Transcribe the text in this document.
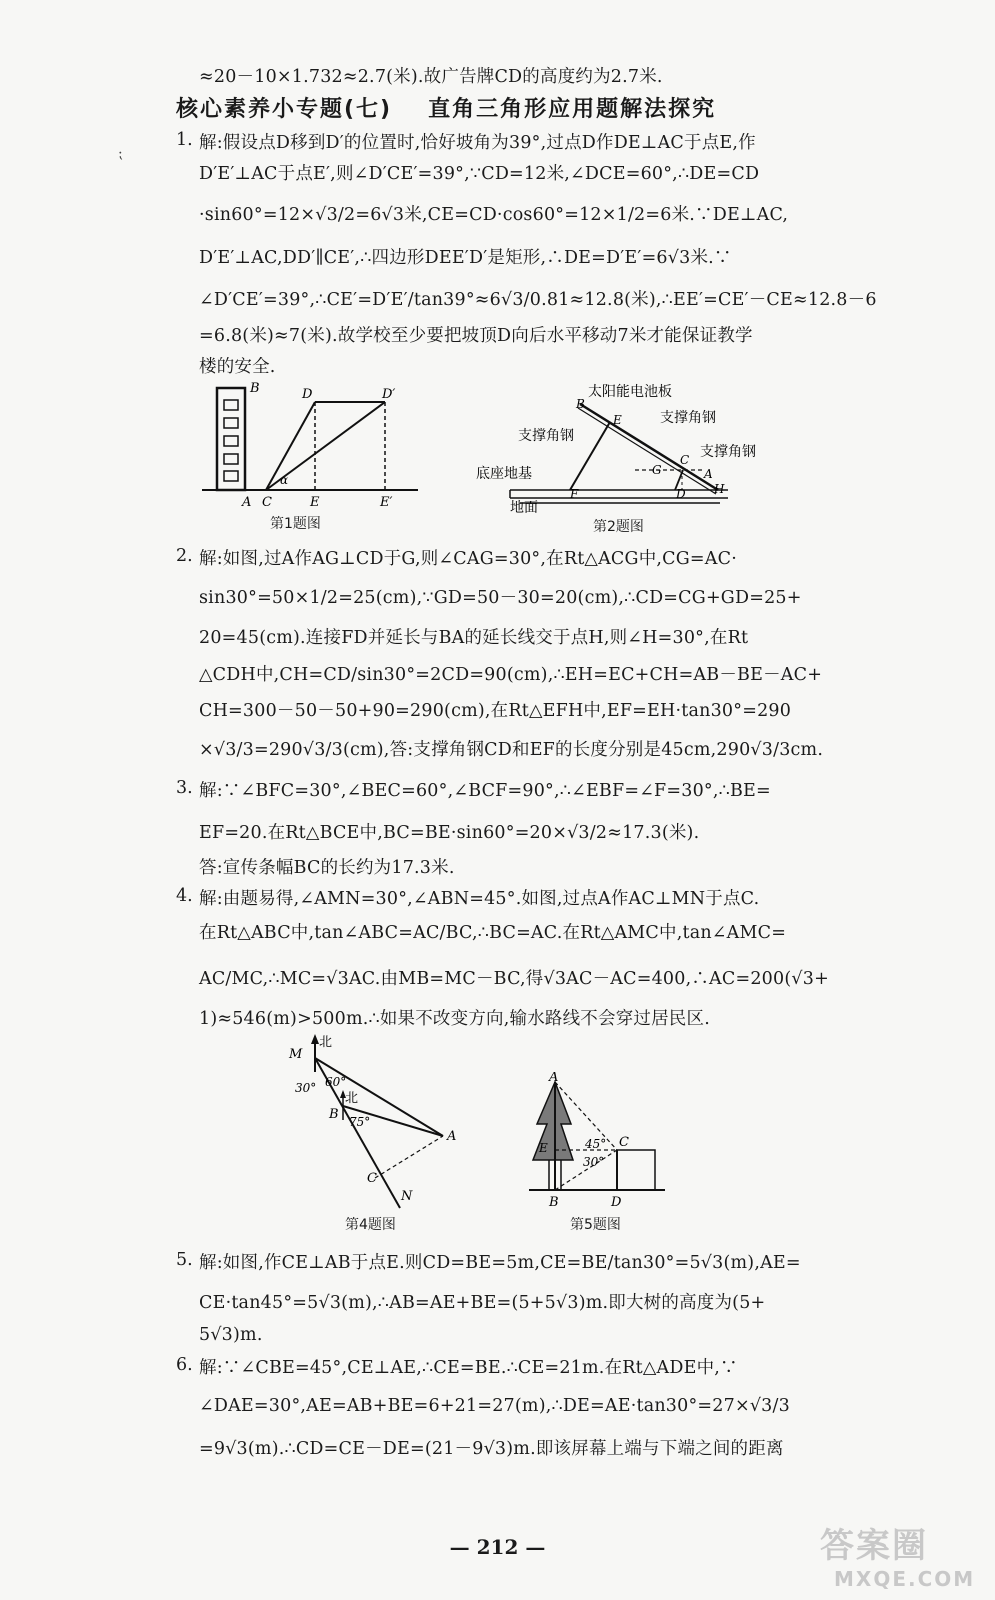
≈20－10×1.732≈2.7(米).故广告牌CD的高度约为2.7米.
核心素养小专题(七) 直角三角形应用题解法探究
⁏
1. 解:假设点D移到D′的位置时,恰好坡角为39°,过点D作DE⊥AC于点E,作
D′E′⊥AC于点E′,则∠D′CE′=39°,∵CD=12米,∠DCE=60°,∴DE=CD
·sin60°=12×√3/2=6√3米,CE=CD·cos60°=12×1/2=6米.∵DE⊥AC,
D′E′⊥AC,DD′∥CE′,∴四边形DEE′D′是矩形,∴DE=D′E′=6√3米.∵
∠D′CE′=39°,∴CE′=D′E′/tan39°≈6√3/0.81≈12.8(米),∴EE′=CE′－CE≈12.8－6
=6.8(米)≈7(米).故学校至少要把坡顶D向后水平移动7米才能保证教学
楼的安全.
B
A C
α
D
E
D′
E′
第1题图
太阳能电池板
B
E	支撑角钢
支撑角钢
支撑角钢
C
G	A
H
底座地基
F	D
地面
第2题图
2. 解:如图,过A作AG⊥CD于G,则∠CAG=30°,在Rt△ACG中,CG=AC·
sin30°=50×1/2=25(cm),∵GD=50－30=20(cm),∴CD=CG+GD=25+
20=45(cm).连接FD并延长与BA的延长线交于点H,则∠H=30°,在Rt
△CDH中,CH=CD/sin30°=2CD=90(cm),∴EH=EC+CH=AB－BE－AC+
CH=300－50－50+90=290(cm),在Rt△EFH中,EF=EH·tan30°=290
×√3/3=290√3/3(cm),答:支撑角钢CD和EF的长度分别是45cm,290√3/3cm.
3. 解:∵∠BFC=30°,∠BEC=60°,∠BCF=90°,∴∠EBF=∠F=30°,∴BE=
EF=20.在Rt△BCE中,BC=BE·sin60°=20×√3/2≈17.3(米).
答:宣传条幅BC的长约为17.3米.
4. 解:由题易得,∠AMN=30°,∠ABN=45°.如图,过点A作AC⊥MN于点C.
在Rt△ABC中,tan∠ABC=AC/BC,∴BC=AC.在Rt△AMC中,tan∠AMC=
AC/MC,∴MC=√3AC.由MB=MC－BC,得√3AC－AC=400,∴AC=200(√3+
1)≈546(m)>500m.∴如果不改变方向,输水路线不会穿过居民区.
北
M
30° 60°
北
B 75°
A
C
N
第4题图
A
E	45°
30°
C
B	D
第5题图
5. 解:如图,作CE⊥AB于点E.则CD=BE=5m,CE=BE/tan30°=5√3(m),AE=
CE·tan45°=5√3(m),∴AB=AE+BE=(5+5√3)m.即大树的高度为(5+
5√3)m.
6. 解:∵∠CBE=45°,CE⊥AE,∴CE=BE.∴CE=21m.在Rt△ADE中,∵
∠DAE=30°,AE=AB+BE=6+21=27(m),∴DE=AE·tan30°=27×√3/3
=9√3(m).∴CD=CE－DE=(21－9√3)m.即该屏幕上端与下端之间的距离
— 212 —	答案圈
MXQE.COM
